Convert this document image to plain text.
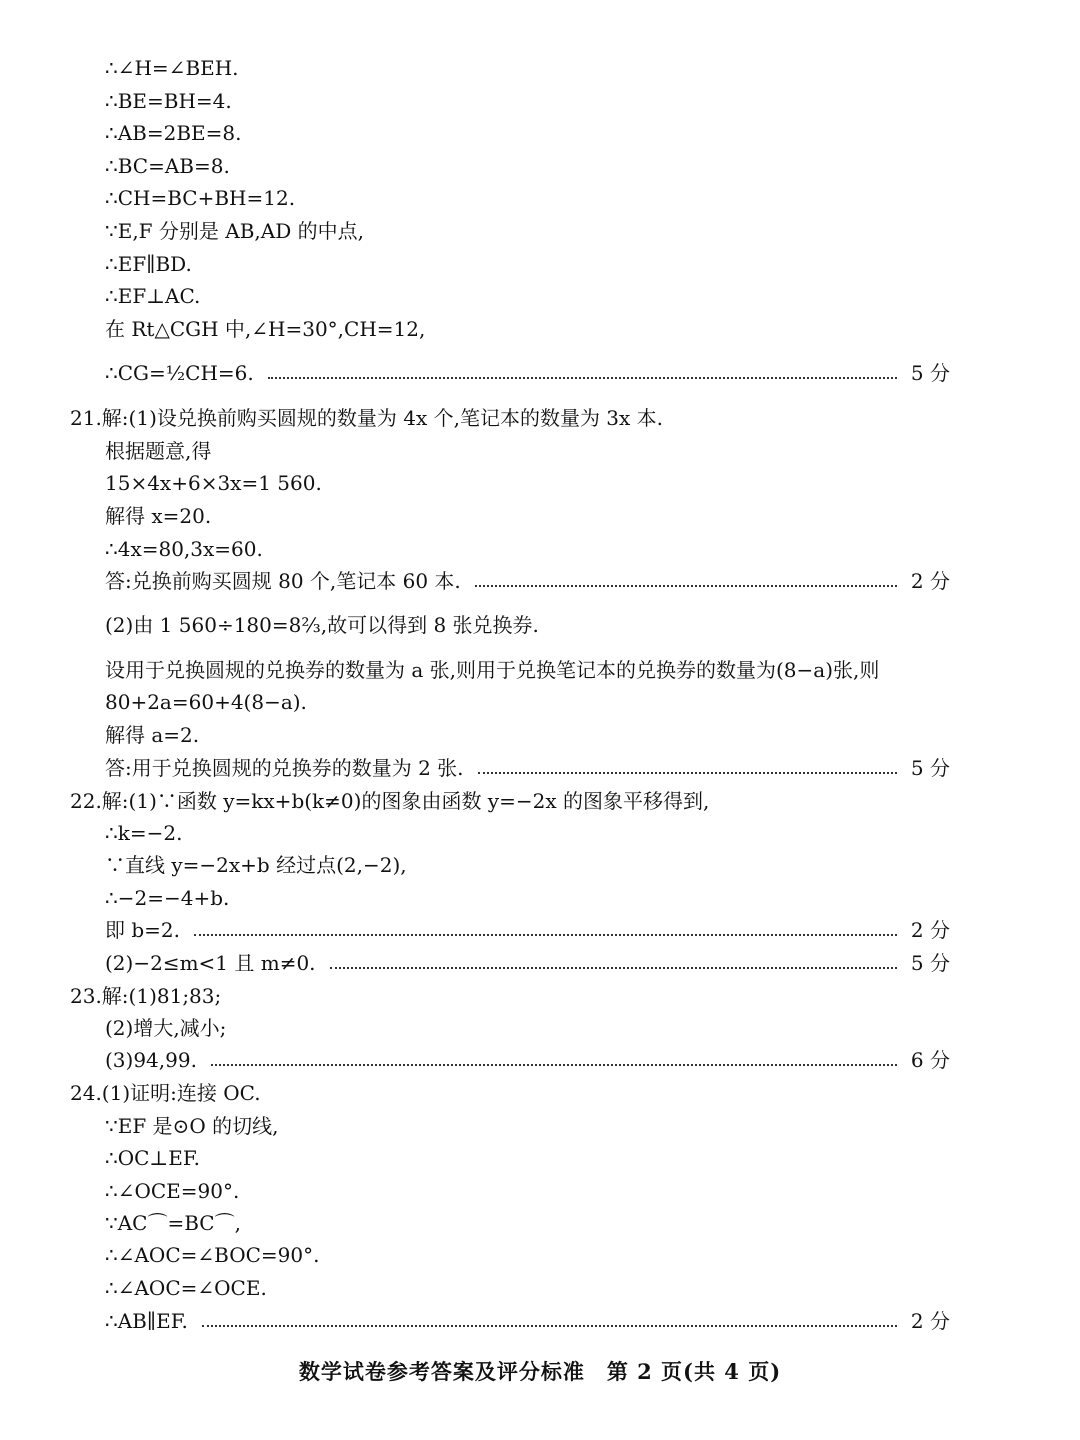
∴∠H=∠BEH.
∴BE=BH=4.
∴AB=2BE=8.
∴BC=AB=8.
∴CH=BC+BH=12.
∵E,F 分别是 AB,AD 的中点,
∴EF∥BD.
∴EF⊥AC.
在 Rt△CGH 中,∠H=30°,CH=12,
∴CG=½CH=6.	5 分
21.解:(1)设兑换前购买圆规的数量为 4x 个,笔记本的数量为 3x 本.
根据题意,得
15×4x+6×3x=1 560.
解得 x=20.
∴4x=80,3x=60.
答:兑换前购买圆规 80 个,笔记本 60 本.	2 分
(2)由 1 560÷180=8⅔,故可以得到 8 张兑换券.
设用于兑换圆规的兑换券的数量为 a 张,则用于兑换笔记本的兑换券的数量为(8−a)张,则 80+2a=60+4(8−a).
解得 a=2.
答:用于兑换圆规的兑换券的数量为 2 张.	5 分
22.解:(1)∵函数 y=kx+b(k≠0)的图象由函数 y=−2x 的图象平移得到,
∴k=−2.
∵直线 y=−2x+b 经过点(2,−2),
∴−2=−4+b.
即 b=2.	2 分
(2)−2≤m<1 且 m≠0.	5 分
23.解:(1)81;83;
(2)增大,减小;
(3)94,99.	6 分
24.(1)证明:连接 OC.
∵EF 是⊙O 的切线,
∴OC⊥EF.
∴∠OCE=90°.
∵AC⌒=BC⌒,
∴∠AOC=∠BOC=90°.
∴∠AOC=∠OCE.
∴AB∥EF.	2 分
数学试卷参考答案及评分标准　第 2 页(共 4 页)
